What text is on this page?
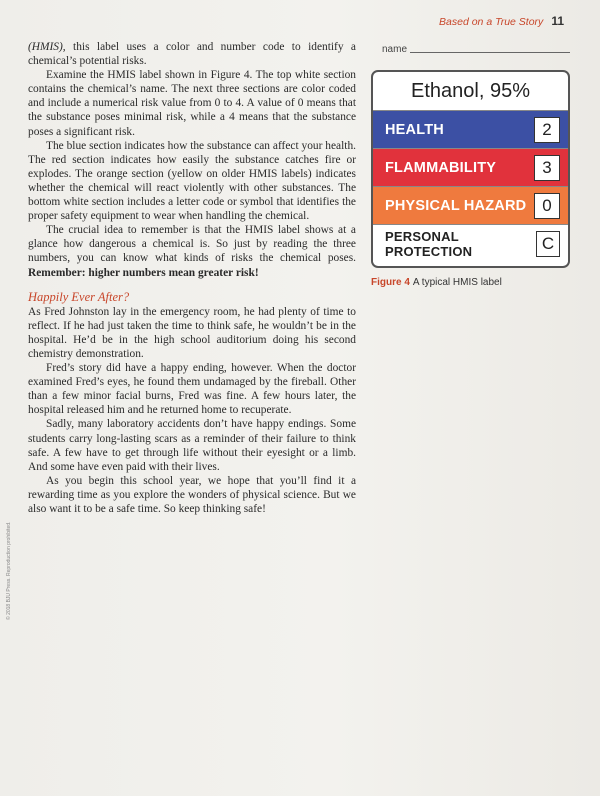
Based on a True Story 11
name

(HMIS), this label uses a color and number code to identify a chemical’s potential risks.

Examine the HMIS label shown in Figure 4. The top white section contains the chemical’s name. The next three sections are color coded and include a numerical risk value from 0 to 4. A value of 0 means that the substance poses minimal risk, while a 4 means that the substance poses a significant risk.

The blue section indicates how the substance can affect your health. The red section indicates how easily the substance catches fire or explodes. The orange section (yellow on older HMIS labels) indicates whether the chemical will react violently with other substances. The bottom white section includes a letter code or symbol that identifies the proper safety equipment to wear when handling the chemical.

The crucial idea to remember is that the HMIS label shows at a glance how dangerous a chemical is. So just by reading the three numbers, you can know what kinds of risks the chemical poses. Remember: higher numbers mean greater risk!

Happily Ever After?

As Fred Johnston lay in the emergency room, he had plenty of time to reflect. If he had just taken the time to think safe, he wouldn’t be in the hospital. He’d be in the high school auditorium doing his second chemistry demonstration.

Fred’s story did have a happy ending, however. When the doctor examined Fred’s eyes, he found them undamaged by the fireball. Other than a few minor facial burns, Fred was fine. A few hours later, the hospital released him and he returned home to recuperate.

Sadly, many laboratory accidents don’t have happy endings. Some students carry long-lasting scars as a reminder of their failure to think safe. A few have to get through life without their eyesight or a limb. And some have even paid with their lives.

As you begin this school year, we hope that you’ll find it a rewarding time as you explore the wonders of physical science. But we also want it to be a safe time. So keep thinking safe!

Ethanol, 95%
HEALTH	2
FLAMMABILITY	3
PHYSICAL HAZARD 0
PERSONAL PROTECTION	C
Figure 4 A typical HMIS label
© 2018 BJU Press. Reproduction prohibited.
